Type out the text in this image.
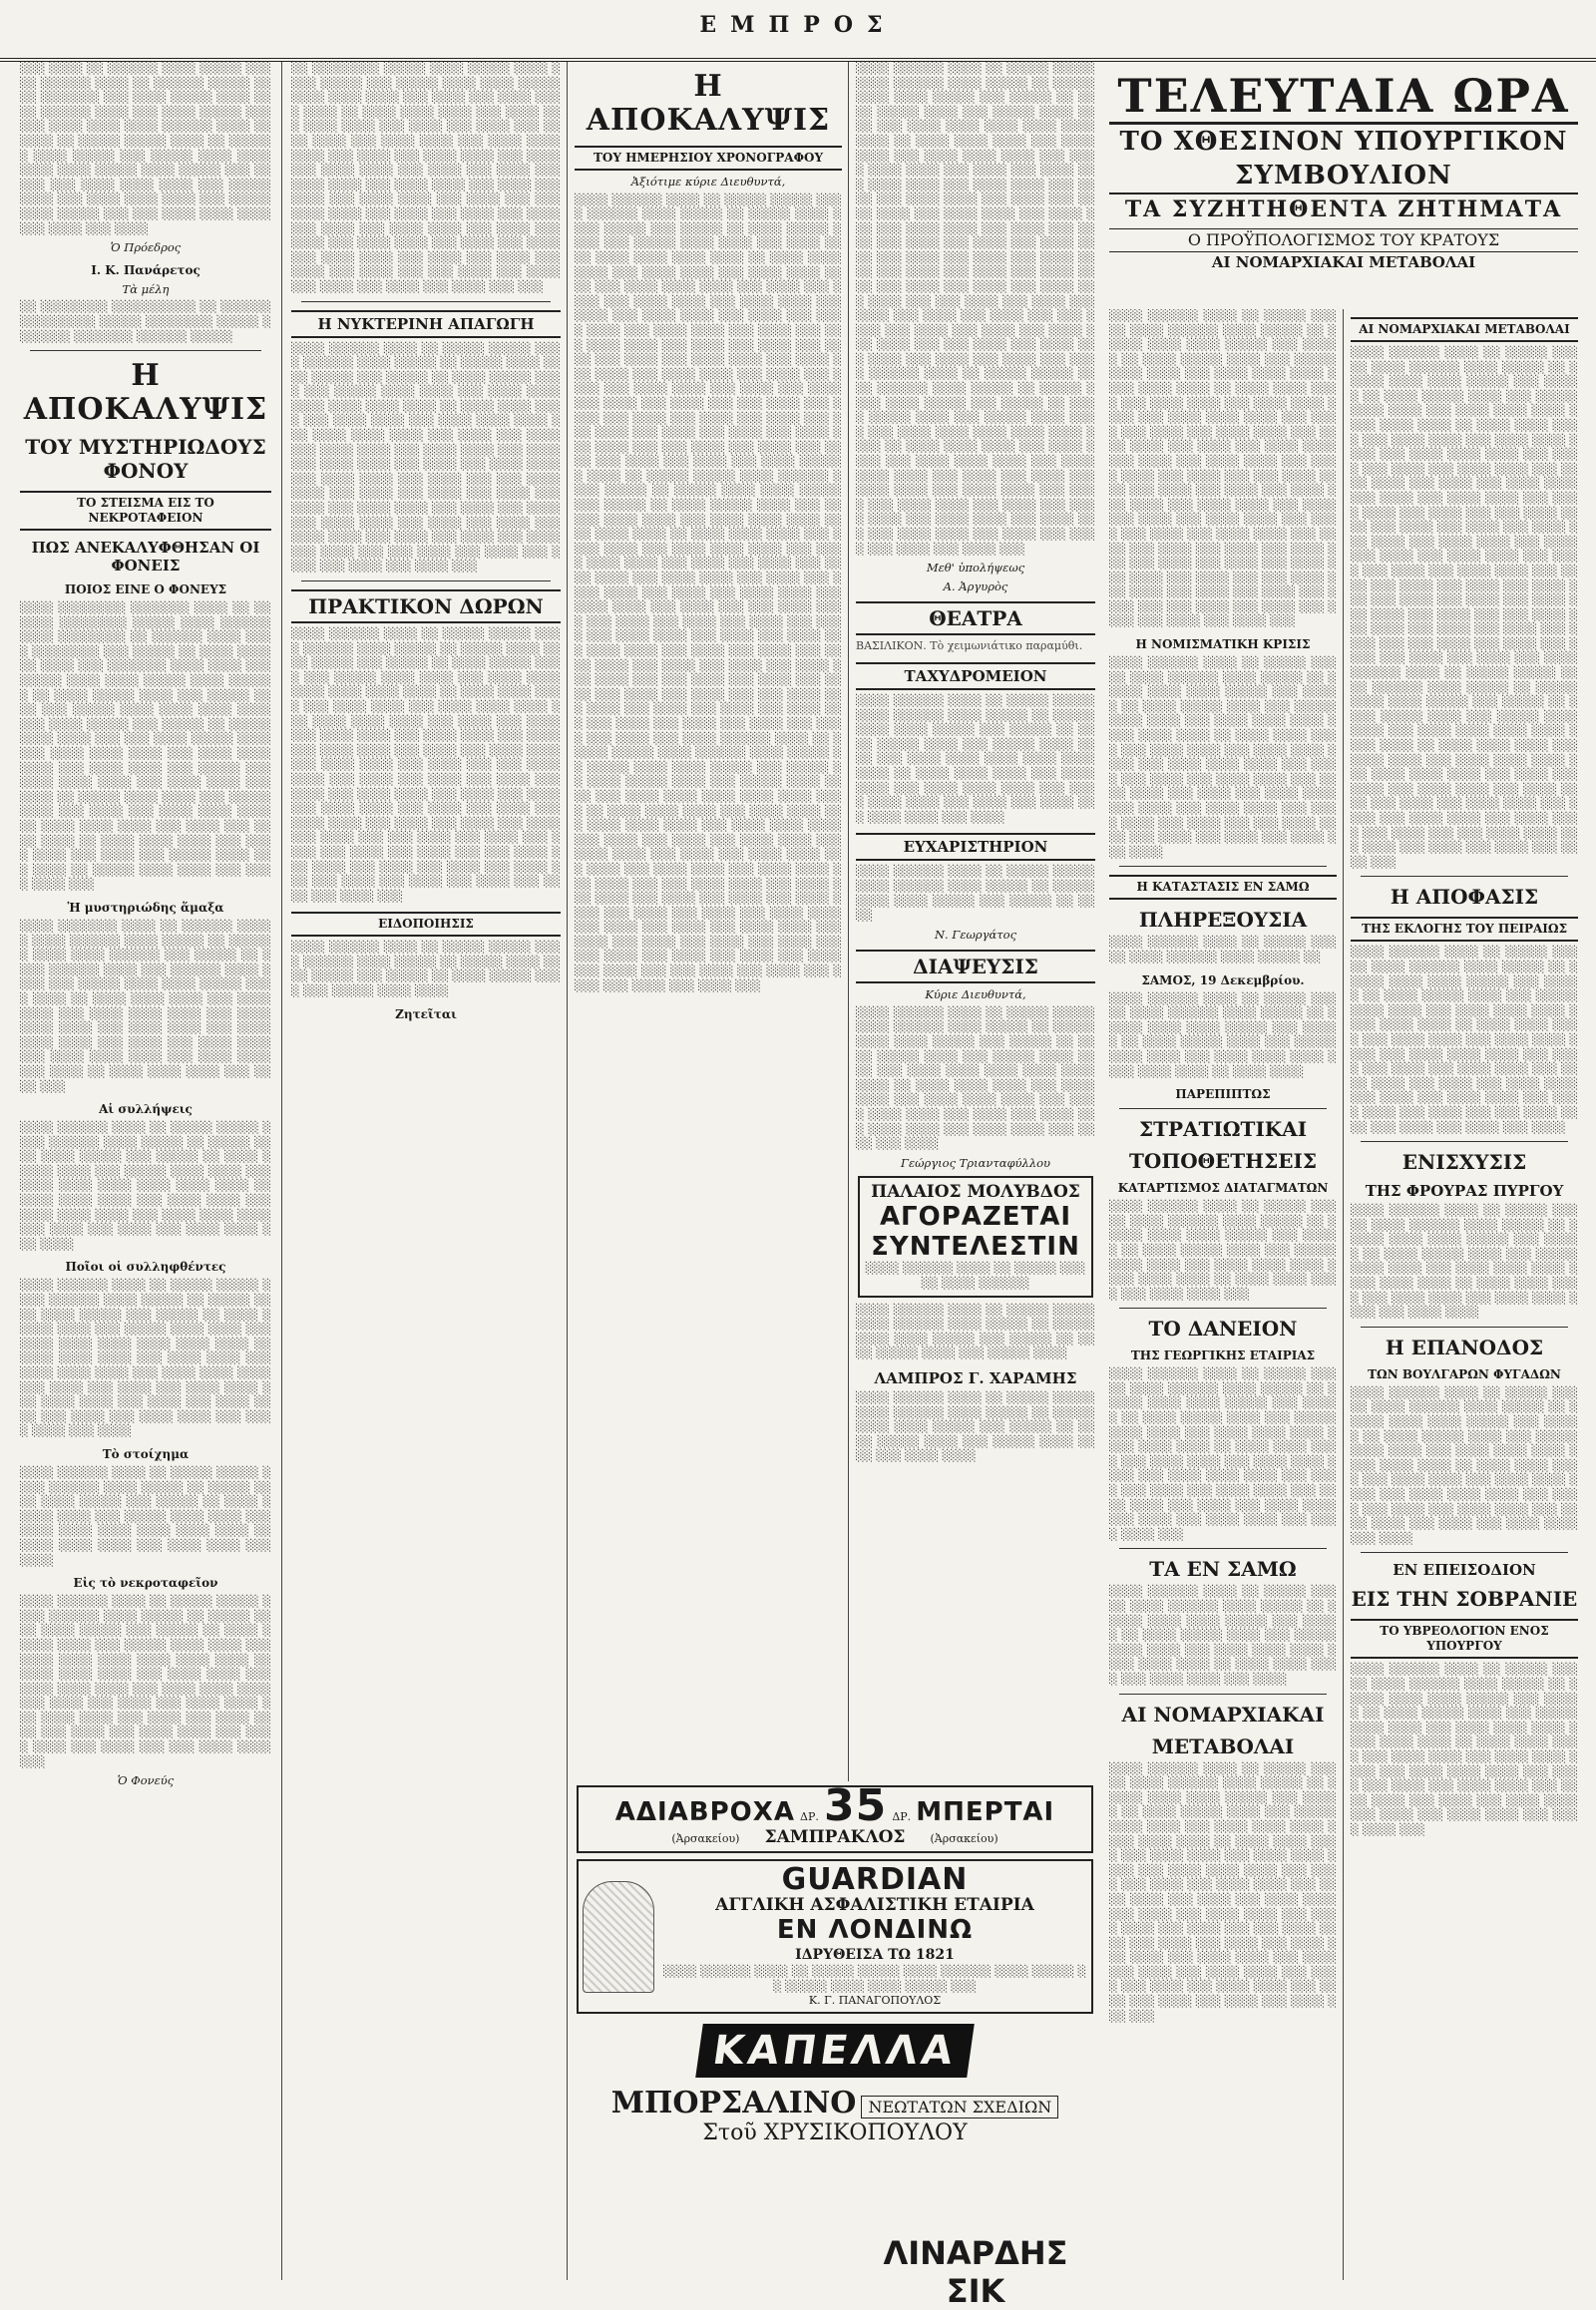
ΕΜΠΡΟΣ
░░░ ░░░░ ░░ ░░░░░░ ░░░░ ░░░░░ ░░░░░ ░░░░░░ ░░░░ ░░ ░░░░░░ ░░░░░ ░░░░ ░░░░░░░ ░░░ ░░░░ ░░░░░ ░░░░ ░░░░ ░░░░░░ ░░░░ ░░░ ░░░░ ░░░░░ ░░░░░░ ░░░░ ░░░░ ░░░░ ░░░░░░ ░░░░ ░░░░░░ ░░ ░░░░░ ░░░░░ ░░░░ ░░ ░░░░░░ ░░░░ ░░░░░ ░░░ ░░░░░ ░░░░ ░░░░ ░░░░ ░░░░ ░░░░░ ░░░░ ░░░░░ ░░░ ░░░░░ ░░░ ░░░░ ░░░░ ░░░░ ░░░ ░░░░░ ░░░░ ░░░ ░░░░ ░░░░ ░░░░ ░░░ ░░░░░ ░░░░ ░░░░░ ░░░ ░░░ ░░░░ ░░░░ ░░░░ ░░░ ░░░░ ░░░ ░░░░
Ὁ Πρόεδρος
Ι. Κ. Πανάρετος
Τὰ μέλη
░░ ░░░░░░░░ ░░░░░░░░░░ ░░ ░░░░░░ ░░░░░░░░░ ░░░░░ ░░░░░░░░ ░░░░░ ░░░░░░░ ░░░░░░░ ░░░░░░ ░░░░░
Η ΑΠΟΚΑΛΥΨΙΣ
ΤΟΥ ΜΥΣΤΗΡΙΩΔΟΥΣ ΦΟΝΟΥ
ΤΟ ΣΤΕΙΣΜΑ ΕΙΣ ΤΟ ΝΕΚΡΟΤΑΦΕΙΟΝ
ΠΩΣ ΑΝΕΚΑΛΥΦΘΗΣΑΝ ΟΙ ΦΟΝΕΙΣ
ΠΟΙΟΣ ΕΙΝΕ Ο ΦΟΝΕΥΣ
░░░░ ░░░░░░░░ ░░░░░░░ ░░░░ ░░ ░░░░░░ ░░░░░░░░ ░░░░░ ░░░░ ░░░░░░ ░░░░ ░░░░░░░░ ░░ ░░░░░░ ░░░░ ░░░░ ░░░░░░░░ ░░░ ░░░░░ ░░ ░░░░ ░░░░░░ ░░░░ ░░░ ░░░░░░░ ░░░░ ░░░░ ░░░ ░░░░░ ░░░░ ░░░░ ░░░░░ ░░░░ ░░░░░░ ░░ ░░░░ ░░░░░ ░░░░ ░░░ ░░░░░ ░░░░ ░░░ ░░░░░ ░░░░ ░░░░ ░░░░ ░░░░ ░░░ ░░░░ ░░░░░ ░░░ ░░░░░ ░░ ░░░░░ ░░░░ ░░░░ ░░░ ░░░ ░░░░ ░░░░░ ░░░░ ░░░ ░░░░ ░░░░ ░░░░ ░░░ ░░░░ ░░░░ ░░░░ ░░░ ░░░░ ░░░░ ░░░ ░░░░░ ░░░ ░░░░ ░░░░ ░░░░ ░░░ ░░░░ ░░░░ ░░░ ░░░░ ░░ ░░░░░ ░░░░ ░░░░ ░░░ ░░░░░ ░░░░ ░░░ ░░░░ ░░░ ░░░░ ░░░░ ░░░░ ░░ ░░░░ ░░░░ ░░░░ ░░░ ░░░░ ░░░ ░░░░ ░░░░ ░░ ░░░░ ░░░░ ░░░░ ░░░ ░░░░ ░░░░ ░░░ ░░░░ ░░░ ░░░░░ ░░░░ ░░░ ░░░░ ░░ ░░░░░ ░░░░ ░░░░ ░░░ ░░░░ ░░░░ ░░░
Ἡ μυστηριώδης ἅμαξα
░░░░ ░░░░░░░ ░░░░ ░░ ░░░░░░ ░░░░░ ░░░░ ░░░░░░ ░░░░ ░░░░░ ░░ ░░░░░░ ░░░░ ░░░░ ░░░░░░ ░░░ ░░░░░ ░░ ░░░░ ░░░░░░ ░░░░ ░░░ ░░░░░░ ░░░░ ░░░░ ░░░ ░░░░░ ░░░░ ░░░░ ░░░░░ ░░░░ ░░░░ ░░ ░░░░ ░░░░ ░░░░ ░░░ ░░░░ ░░░░ ░░░ ░░░░ ░░░░ ░░░░ ░░░ ░░░░ ░░░░ ░░░░ ░░░ ░░░░ ░░░░ ░░░ ░░░░ ░░░░ ░░░░ ░░░ ░░░░ ░░░ ░░░░ ░░░░ ░░░ ░░░░ ░░░░ ░░░░ ░░░ ░░░░ ░░░░ ░░░ ░░░░ ░░ ░░░░ ░░░░ ░░░░ ░░░ ░░░░ ░░░
Αἱ συλλήψεις
░░░░ ░░░░░░ ░░░░ ░░ ░░░░░ ░░░░░ ░░░░ ░░░░░░ ░░░░ ░░░░░ ░░ ░░░░░ ░░░░ ░░░░ ░░░░░ ░░░ ░░░░░ ░░ ░░░░ ░░░░░ ░░░░ ░░░ ░░░░░ ░░░░ ░░░░ ░░░ ░░░░ ░░░░ ░░░░ ░░░░ ░░░░ ░░░░ ░░ ░░░░ ░░░░ ░░░░ ░░░ ░░░░ ░░░░ ░░░ ░░░░ ░░░░ ░░░░ ░░░ ░░░░ ░░░░ ░░░░ ░░░ ░░░░ ░░░ ░░░░ ░░░ ░░░░ ░░░░ ░░░ ░░░░
Ποῖοι οἱ συλληφθέντες
░░░░ ░░░░░░ ░░░░ ░░ ░░░░░ ░░░░░ ░░░░ ░░░░░░ ░░░░ ░░░░░ ░░ ░░░░░ ░░░░ ░░░░ ░░░░░ ░░░ ░░░░░ ░░ ░░░░ ░░░░░ ░░░░ ░░░ ░░░░░ ░░░░ ░░░░ ░░░ ░░░░ ░░░░ ░░░░ ░░░░ ░░░░ ░░░░ ░░ ░░░░ ░░░░ ░░░░ ░░░ ░░░░ ░░░░ ░░░ ░░░░ ░░░░ ░░░░ ░░░ ░░░░ ░░░░ ░░░░ ░░░ ░░░░ ░░░ ░░░░ ░░░ ░░░░ ░░░░ ░░░ ░░░░ ░░░░ ░░░ ░░░░ ░░░ ░░░░ ░░░░ ░░░ ░░░░ ░░░ ░░░░ ░░░░ ░░░ ░░░░ ░░░░ ░░░ ░░░░
Τὸ στοίχημα
░░░░ ░░░░░░ ░░░░ ░░ ░░░░░ ░░░░░ ░░░░ ░░░░░░ ░░░░ ░░░░░ ░░ ░░░░░ ░░░░ ░░░░ ░░░░░ ░░░ ░░░░░ ░░ ░░░░ ░░░░░ ░░░░ ░░░ ░░░░░ ░░░░ ░░░░ ░░░ ░░░░ ░░░░ ░░░░ ░░░░ ░░░░ ░░░░ ░░ ░░░░ ░░░░ ░░░░ ░░░ ░░░░ ░░░░ ░░░ ░░░░
Εἰς τὸ νεκροταφεῖον
░░░░ ░░░░░░ ░░░░ ░░ ░░░░░ ░░░░░ ░░░░ ░░░░░░ ░░░░ ░░░░░ ░░ ░░░░░ ░░░░ ░░░░ ░░░░░ ░░░ ░░░░░ ░░ ░░░░ ░░░░░ ░░░░ ░░░ ░░░░░ ░░░░ ░░░░ ░░░ ░░░░ ░░░░ ░░░░ ░░░░ ░░░░ ░░░░ ░░ ░░░░ ░░░░ ░░░░ ░░░ ░░░░ ░░░░ ░░░ ░░░░ ░░░░ ░░░░ ░░░ ░░░░ ░░░░ ░░░░ ░░░ ░░░░ ░░░ ░░░░ ░░░ ░░░░ ░░░░ ░░░ ░░░░ ░░░░ ░░░ ░░░░ ░░░ ░░░░ ░░░░ ░░░ ░░░░ ░░░ ░░░░ ░░░░ ░░░ ░░░░ ░░░░ ░░░ ░░░░ ░░░ ░░░ ░░░░ ░░░░ ░░░
Ὁ Φονεύς
░░ ░░░░░░░░ ░░░░░ ░░░░ ░░░░░ ░░░░ ░░░░ ░░░░░ ░░░ ░░░░░ ░░░░ ░░░░ ░░░░░ ░░░░ ░░░░ ░░░░ ░░░ ░░░░ ░░░ ░░░░ ░░░░ ░░░░ ░░ ░░░░ ░░░░ ░░░░ ░░░ ░░░░ ░░░ ░░░░ ░░░░ ░░░ ░░░░ ░░░ ░░░░ ░░░ ░░░░ ░░░░ ░░░ ░░░░ ░░░░ ░░░ ░░░░ ░░░░ ░░░░ ░░░ ░░░░ ░░░ ░░░░ ░░░░ ░░░ ░░░░ ░░░ ░░░░ ░░░░ ░░░ ░░░░ ░░░ ░░░░ ░░░ ░░░░ ░░░░ ░░░ ░░░░ ░░░░ ░░░ ░░░░ ░░░ ░░░░ ░░░ ░░░░ ░░░░ ░░░ ░░░░ ░░░ ░░░ ░░░░ ░░░░ ░░░ ░░░░ ░░░ ░░░░ ░░░ ░░░░ ░░░ ░░░░ ░░░ ░░░░ ░░░░ ░░░ ░░░░ ░░░ ░░░░ ░░░ ░░░░ ░░░░ ░░░ ░░░░ ░░░ ░░░░ ░░░ ░░░░ ░░░░ ░░░ ░░░░ ░░░ ░░░░ ░░░ ░░░░ ░░░ ░░░░ ░░░ ░░░ ░░░░ ░░░ ░░░░ ░░░ ░░░░ ░░░ ░░░░ ░░░ ░░░░ ░░░ ░░░
Η ΝΥΚΤΕΡΙΝΗ ΑΠΑΓΩΓΗ
░░░░ ░░░░░░ ░░░░ ░░ ░░░░░ ░░░░░ ░░░░ ░░░░░░ ░░░░ ░░░░░ ░░ ░░░░░ ░░░░ ░░░░ ░░░░░ ░░░ ░░░░░ ░░ ░░░░ ░░░░░ ░░░░ ░░░ ░░░░░ ░░░░ ░░░░ ░░░ ░░░░ ░░░░ ░░░░ ░░░░ ░░░░ ░░░░ ░░ ░░░░ ░░░░ ░░░░ ░░░ ░░░░ ░░░░ ░░░ ░░░░ ░░░░ ░░░░ ░░░ ░░░░ ░░░░ ░░░░ ░░░ ░░░░ ░░░ ░░░░ ░░░ ░░░░ ░░░░ ░░░ ░░░░ ░░░░ ░░░ ░░░░ ░░░ ░░░░ ░░░░ ░░░ ░░░░ ░░░ ░░░░ ░░░░ ░░░ ░░░░ ░░░░ ░░░ ░░░░ ░░░ ░░░ ░░░░ ░░░░ ░░░ ░░░░ ░░░ ░░░░ ░░░ ░░░░ ░░░ ░░░░ ░░░ ░░░░ ░░░░ ░░░ ░░░░ ░░░ ░░░░ ░░░ ░░░░ ░░░░ ░░░ ░░░░ ░░░ ░░░░ ░░░ ░░░░ ░░░░ ░░░ ░░░░ ░░░ ░░░░ ░░░ ░░░░ ░░░ ░░░░ ░░░ ░░░ ░░░░ ░░░ ░░░░ ░░░ ░░░░ ░░░ ░░░░ ░░░ ░░░░ ░░░
ΠΡΑΚΤΙΚΟΝ ΔΩΡΩΝ
░░░░ ░░░░░░ ░░░░ ░░ ░░░░░ ░░░░░ ░░░░ ░░░░░░ ░░░░ ░░░░░ ░░ ░░░░░ ░░░░ ░░░░ ░░░░░ ░░░ ░░░░░ ░░ ░░░░ ░░░░░ ░░░░ ░░░ ░░░░░ ░░░░ ░░░░ ░░░ ░░░░ ░░░░ ░░░░ ░░░░ ░░░░ ░░░░ ░░ ░░░░ ░░░░ ░░░░ ░░░ ░░░░ ░░░░ ░░░ ░░░░ ░░░░ ░░░░ ░░░ ░░░░ ░░░░ ░░░░ ░░░ ░░░░ ░░░ ░░░░ ░░░ ░░░░ ░░░░ ░░░ ░░░░ ░░░░ ░░░ ░░░░ ░░░ ░░░░ ░░░░ ░░░ ░░░░ ░░░ ░░░░ ░░░░ ░░░ ░░░░ ░░░░ ░░░ ░░░░ ░░░ ░░░ ░░░░ ░░░░ ░░░ ░░░░ ░░░ ░░░░ ░░░ ░░░░ ░░░ ░░░░ ░░░ ░░░░ ░░░░ ░░░ ░░░░ ░░░ ░░░░ ░░░ ░░░░ ░░░░ ░░░ ░░░░ ░░░ ░░░░ ░░░ ░░░░ ░░░░ ░░░ ░░░░ ░░░ ░░░░ ░░░ ░░░░ ░░░ ░░░░ ░░░ ░░░ ░░░░ ░░░ ░░░░ ░░░ ░░░░ ░░░ ░░░░ ░░░ ░░░░ ░░░ ░░░ ░░░░ ░░░ ░░░░ ░░░ ░░░░ ░░░ ░░░░ ░░░ ░░░░ ░░░ ░░░ ░░░░ ░░░ ░░░░ ░░░ ░░░░ ░░░ ░░░░ ░░░ ░░░░ ░░░
ΕΙΔΟΠΟΙΗΣΙΣ
░░░░ ░░░░░░ ░░░░ ░░ ░░░░░ ░░░░░ ░░░░ ░░░░░░ ░░░░ ░░░░░ ░░ ░░░░░ ░░░░ ░░░░ ░░░░░ ░░░ ░░░░░ ░░ ░░░░ ░░░░░ ░░░░ ░░░ ░░░░░ ░░░░ ░░░░
Ζητεῖται
Η ΑΠΟΚΑΛΥΨΙΣ
ΤΟΥ ΗΜΕΡΗΣΙΟΥ ΧΡΟΝΟΓΡΑΦΟΥ
Ἀξιότιμε κύριε Διευθυντά,
░░░░ ░░░░░░ ░░░░ ░░ ░░░░░ ░░░░░ ░░░░ ░░░░░░ ░░░░ ░░░░░ ░░ ░░░░░ ░░░░ ░░░░ ░░░░░ ░░░ ░░░░░ ░░ ░░░░ ░░░░░ ░░░░ ░░░ ░░░░░ ░░░░ ░░░░ ░░░ ░░░░ ░░░░ ░░░░ ░░░░ ░░░░ ░░░░ ░░ ░░░░ ░░░░ ░░░░ ░░░ ░░░░ ░░░░ ░░░ ░░░░ ░░░░ ░░░░ ░░░ ░░░░ ░░░░ ░░░░ ░░░ ░░░░ ░░░ ░░░░ ░░░ ░░░░ ░░░░ ░░░ ░░░░ ░░░░ ░░░ ░░░░ ░░░ ░░░░ ░░░░ ░░░ ░░░░ ░░░ ░░░░ ░░░░ ░░░ ░░░░ ░░░░ ░░░ ░░░░ ░░░ ░░░ ░░░░ ░░░░ ░░░ ░░░░ ░░░ ░░░░ ░░░ ░░░░ ░░░ ░░░░ ░░░ ░░░░ ░░░░ ░░░ ░░░░ ░░░ ░░░░ ░░░ ░░░░ ░░░░ ░░░ ░░░░ ░░░ ░░░░ ░░░ ░░░░ ░░░░ ░░░ ░░░░ ░░░ ░░░░ ░░░ ░░░░ ░░░ ░░░░ ░░░ ░░░ ░░░░ ░░░ ░░░░ ░░░ ░░░░ ░░░ ░░░░ ░░░ ░░░░ ░░░ ░░░ ░░░░ ░░░ ░░░░ ░░░ ░░░░ ░░░ ░░░░ ░░░ ░░░░ ░░░ ░░░ ░░░░ ░░░ ░░░░ ░░░ ░░░░ ░░░ ░░░░ ░░░ ░░░░ ░░░ ░░░░ ░░░░░░ ░░░░ ░░ ░░░░░ ░░░░░ ░░░░ ░░░░░░ ░░░░ ░░░░░ ░░ ░░░░░ ░░░░ ░░░░ ░░░░░ ░░░ ░░░░░ ░░ ░░░░ ░░░░░ ░░░░ ░░░ ░░░░░ ░░░░ ░░░░ ░░░ ░░░░ ░░░░ ░░░░ ░░░░ ░░░░ ░░░░ ░░ ░░░░ ░░░░ ░░░░ ░░░ ░░░░ ░░░░ ░░░ ░░░░ ░░░░ ░░░░ ░░░ ░░░░ ░░░░ ░░░░ ░░░ ░░░░ ░░░ ░░░░ ░░░ ░░░░ ░░░░ ░░░ ░░░░ ░░░░ ░░░ ░░░░ ░░░ ░░░░ ░░░░ ░░░ ░░░░ ░░░ ░░░░ ░░░░ ░░░ ░░░░ ░░░░ ░░░ ░░░░ ░░░ ░░░ ░░░░ ░░░░ ░░░ ░░░░ ░░░ ░░░░ ░░░ ░░░░ ░░░ ░░░░ ░░░ ░░░░ ░░░░ ░░░ ░░░░ ░░░ ░░░░ ░░░ ░░░░ ░░░░ ░░░ ░░░░ ░░░ ░░░░ ░░░ ░░░░ ░░░░ ░░░ ░░░░ ░░░ ░░░░ ░░░ ░░░░ ░░░ ░░░░ ░░░ ░░░ ░░░░ ░░░ ░░░░ ░░░ ░░░░ ░░░ ░░░░ ░░░ ░░░░ ░░░ ░░░ ░░░░ ░░░ ░░░░ ░░░ ░░░░ ░░░ ░░░░ ░░░ ░░░░ ░░░ ░░░ ░░░░ ░░░ ░░░░ ░░░ ░░░░ ░░░ ░░░░ ░░░ ░░░░ ░░░ ░░░░ ░░░░░░ ░░░░ ░░ ░░░░░ ░░░░░ ░░░░ ░░░░░░ ░░░░ ░░░░░ ░░ ░░░░░ ░░░░ ░░░░ ░░░░░ ░░░ ░░░░░ ░░ ░░░░ ░░░░░ ░░░░ ░░░ ░░░░░ ░░░░ ░░░░ ░░░ ░░░░ ░░░░ ░░░░ ░░░░ ░░░░ ░░░░ ░░ ░░░░ ░░░░ ░░░░ ░░░ ░░░░ ░░░░ ░░░ ░░░░ ░░░░ ░░░░ ░░░ ░░░░ ░░░░ ░░░░ ░░░ ░░░░ ░░░ ░░░░ ░░░ ░░░░ ░░░░ ░░░ ░░░░ ░░░░ ░░░ ░░░░ ░░░ ░░░░ ░░░░ ░░░ ░░░░ ░░░ ░░░░ ░░░░ ░░░ ░░░░ ░░░░ ░░░ ░░░░ ░░░ ░░░ ░░░░ ░░░░ ░░░ ░░░░ ░░░ ░░░░ ░░░ ░░░░ ░░░ ░░░░ ░░░ ░░░░ ░░░░ ░░░ ░░░░ ░░░ ░░░░ ░░░ ░░░░ ░░░░ ░░░ ░░░░ ░░░ ░░░░ ░░░ ░░░░ ░░░░ ░░░ ░░░░ ░░░ ░░░░ ░░░ ░░░░ ░░░ ░░░░ ░░░ ░░░ ░░░░ ░░░ ░░░░ ░░░ ░░░░ ░░░ ░░░░ ░░░ ░░░░ ░░░ ░░░ ░░░░ ░░░ ░░░░ ░░░ ░░░░ ░░░ ░░░░ ░░░ ░░░░ ░░░
░░░░ ░░░░░░ ░░░░ ░░ ░░░░░ ░░░░░ ░░░░ ░░░░░░ ░░░░ ░░░░░ ░░ ░░░░░ ░░░░ ░░░░ ░░░░░ ░░░ ░░░░░ ░░ ░░░░ ░░░░░ ░░░░ ░░░ ░░░░░ ░░░░ ░░░░ ░░░ ░░░░ ░░░░ ░░░░ ░░░░ ░░░░ ░░░░ ░░ ░░░░ ░░░░ ░░░░ ░░░ ░░░░ ░░░░ ░░░ ░░░░ ░░░░ ░░░░ ░░░ ░░░░ ░░░░ ░░░░ ░░░ ░░░░ ░░░ ░░░░ ░░░ ░░░░ ░░░░ ░░░ ░░░░ ░░░░ ░░░ ░░░░ ░░░ ░░░░ ░░░░ ░░░ ░░░░ ░░░ ░░░░ ░░░░ ░░░ ░░░░ ░░░░ ░░░ ░░░░ ░░░ ░░░ ░░░░ ░░░░ ░░░ ░░░░ ░░░ ░░░░ ░░░ ░░░░ ░░░ ░░░░ ░░░ ░░░░ ░░░░ ░░░ ░░░░ ░░░ ░░░░ ░░░ ░░░░ ░░░░ ░░░ ░░░░ ░░░ ░░░░ ░░░ ░░░░ ░░░░ ░░░ ░░░░ ░░░ ░░░░ ░░░ ░░░░ ░░░ ░░░░ ░░░ ░░░ ░░░░ ░░░ ░░░░ ░░░ ░░░░ ░░░ ░░░░ ░░░ ░░░░ ░░░ ░░░ ░░░░ ░░░ ░░░░ ░░░ ░░░░ ░░░ ░░░░ ░░░ ░░░░ ░░░ ░░░ ░░░░ ░░░ ░░░░ ░░░ ░░░░ ░░░ ░░░░ ░░░ ░░░░ ░░░ ░░░░ ░░░░░░ ░░░░ ░░ ░░░░░ ░░░░░ ░░░░ ░░░░░░ ░░░░ ░░░░░ ░░ ░░░░░ ░░░░ ░░░░ ░░░░░ ░░░ ░░░░░ ░░ ░░░░ ░░░░░ ░░░░ ░░░ ░░░░░ ░░░░ ░░░░ ░░░ ░░░░ ░░░░ ░░░░ ░░░░ ░░░░ ░░░░ ░░ ░░░░ ░░░░ ░░░░ ░░░ ░░░░ ░░░░ ░░░ ░░░░ ░░░░ ░░░░ ░░░ ░░░░ ░░░░ ░░░░ ░░░ ░░░░ ░░░ ░░░░ ░░░ ░░░░ ░░░░ ░░░ ░░░░ ░░░░ ░░░ ░░░░ ░░░ ░░░░ ░░░░ ░░░ ░░░░ ░░░ ░░░░ ░░░░ ░░░ ░░░░ ░░░░ ░░░ ░░░░ ░░░ ░░░ ░░░░ ░░░░ ░░░ ░░░░ ░░░ ░░░░ ░░░ ░░░░ ░░░ ░░░░ ░░░
Μεθ' ὑπολήψεως
Α. Ἀργυρὸς
ΘΕΑΤΡΑ
ΒΑΣΙΛΙΚΟΝ. Τὸ χειμωνιάτικο παραμύθι.
ΤΑΧΥΔΡΟΜΕΙΟΝ
░░░░ ░░░░░░ ░░░░ ░░ ░░░░░ ░░░░░ ░░░░ ░░░░░░ ░░░░ ░░░░░ ░░ ░░░░░ ░░░░ ░░░░ ░░░░░ ░░░ ░░░░░ ░░ ░░░░ ░░░░░ ░░░░ ░░░ ░░░░░ ░░░░ ░░░░ ░░░ ░░░░ ░░░░ ░░░░ ░░░░ ░░░░ ░░░░ ░░ ░░░░ ░░░░ ░░░░ ░░░ ░░░░ ░░░░ ░░░ ░░░░ ░░░░ ░░░░ ░░░ ░░░░ ░░░░ ░░░░ ░░░ ░░░░ ░░░ ░░░░ ░░░ ░░░░ ░░░░ ░░░ ░░░░
ΕΥΧΑΡΙΣΤΗΡΙΟΝ
░░░░ ░░░░░░ ░░░░ ░░ ░░░░░ ░░░░░ ░░░░ ░░░░░░ ░░░░ ░░░░░ ░░ ░░░░░ ░░░░ ░░░░ ░░░░░ ░░░ ░░░░░ ░░ ░░░░
Ν. Γεωργάτος
ΔΙΑΨΕΥΣΙΣ
Κύριε Διευθυντά,
░░░░ ░░░░░░ ░░░░ ░░ ░░░░░ ░░░░░ ░░░░ ░░░░░░ ░░░░ ░░░░░ ░░ ░░░░░ ░░░░ ░░░░ ░░░░░ ░░░ ░░░░░ ░░ ░░░░ ░░░░░ ░░░░ ░░░ ░░░░░ ░░░░ ░░░░ ░░░ ░░░░ ░░░░ ░░░░ ░░░░ ░░░░ ░░░░ ░░ ░░░░ ░░░░ ░░░░ ░░░ ░░░░ ░░░░ ░░░ ░░░░ ░░░░ ░░░░ ░░░ ░░░░ ░░░░ ░░░░ ░░░ ░░░░ ░░░ ░░░░ ░░░ ░░░░ ░░░░ ░░░ ░░░░ ░░░░ ░░░ ░░░░ ░░░ ░░░░
Γεώργιος Τριανταφύλλου
ΠΑΛΑΙΟΣ ΜΟΛΥΒΔΟΣ
ΑΓΟΡΑΖΕΤΑΙ
ΣΥΝΤΕΛΕΣΤΙΝ
░░░░ ░░░░░░ ░░░░ ░░ ░░░░░ ░░░░░ ░░░░ ░░░░░░
░░░░ ░░░░░░ ░░░░ ░░ ░░░░░ ░░░░░ ░░░░ ░░░░░░ ░░░░ ░░░░░ ░░ ░░░░░ ░░░░ ░░░░ ░░░░░ ░░░ ░░░░░ ░░ ░░░░ ░░░░░ ░░░░ ░░░ ░░░░░ ░░░░
ΛΑΜΠΡΟΣ Γ. ΧΑΡΑΜΗΣ
░░░░ ░░░░░░ ░░░░ ░░ ░░░░░ ░░░░░ ░░░░ ░░░░░░ ░░░░ ░░░░░ ░░ ░░░░░ ░░░░ ░░░░ ░░░░░ ░░░ ░░░░░ ░░ ░░░░ ░░░░░ ░░░░ ░░░ ░░░░░ ░░░░ ░░░░ ░░░ ░░░░ ░░░░
ΑΔΙΑΒΡΟΧΑ ΔΡ. 35 ΔΡ. ΜΠΕΡΤΑΙ
(Ἀρσακείου) ΣΑΜΠΡΑΚΛΟΣ (Ἀρσακείου)
GUARDIAN
ΑΓΓΛΙΚΗ ΑΣΦΑΛΙΣΤΙΚΗ ΕΤΑΙΡΙΑ
ΕΝ ΛΟΝΔΙΝΩ
ΙΔΡΥΘΕΙΣΑ ΤΩ 1821
░░░░ ░░░░░░ ░░░░ ░░ ░░░░░ ░░░░░ ░░░░ ░░░░░░ ░░░░ ░░░░░ ░░ ░░░░░ ░░░░ ░░░░ ░░░░░ ░░░
Κ. Γ. ΠΑΝΑΓΟΠΟΥΛΟΣ
ΚΑΠΕΛΛΑ
ΜΠΟΡΣΑΛΙΝΟ ΝΕΩΤΑΤΩΝ ΣΧΕΔΙΩΝ
Στοῦ ΧΡΥΣΙΚΟΠΟΥΛΟΥ
ΛΙΝΑΡΔΗΣ ΣΙΚ
ΤΕΛΕΥΤΑΙΑ ΩΡΑ
ΤΟ ΧΘΕΣΙΝΟΝ ΥΠΟΥΡΓΙΚΟΝ ΣΥΜΒΟΥΛΙΟΝ
ΤΑ ΣΥΖΗΤΗΘΕΝΤΑ ΖΗΤΗΜΑΤΑ
Ο ΠΡΟΫΠΟΛΟΓΙΣΜΟΣ ΤΟΥ ΚΡΑΤΟΥΣ
ΑΙ ΝΟΜΑΡΧΙΑΚΑΙ ΜΕΤΑΒΟΛΑΙ
░░░░ ░░░░░░ ░░░░ ░░ ░░░░░ ░░░░░ ░░░░ ░░░░░░ ░░░░ ░░░░░ ░░ ░░░░░ ░░░░ ░░░░ ░░░░░ ░░░ ░░░░░ ░░ ░░░░ ░░░░░ ░░░░ ░░░ ░░░░░ ░░░░ ░░░░ ░░░ ░░░░ ░░░░ ░░░░ ░░░░ ░░░░ ░░░░ ░░ ░░░░ ░░░░ ░░░░ ░░░ ░░░░ ░░░░ ░░░ ░░░░ ░░░░ ░░░░ ░░░ ░░░░ ░░░░ ░░░░ ░░░ ░░░░ ░░░ ░░░░ ░░░ ░░░░ ░░░░ ░░░ ░░░░ ░░░░ ░░░ ░░░░ ░░░ ░░░░ ░░░░ ░░░ ░░░░ ░░░ ░░░░ ░░░░ ░░░ ░░░░ ░░░░ ░░░ ░░░░ ░░░ ░░░ ░░░░ ░░░░ ░░░ ░░░░ ░░░ ░░░░ ░░░ ░░░░ ░░░ ░░░░ ░░░ ░░░░ ░░░░ ░░░ ░░░░ ░░░ ░░░░ ░░░ ░░░░ ░░░░ ░░░ ░░░░ ░░░ ░░░░ ░░░ ░░░░ ░░░░ ░░░ ░░░░ ░░░ ░░░░ ░░░ ░░░░ ░░░ ░░░░ ░░░ ░░░ ░░░░ ░░░ ░░░░ ░░░ ░░░░ ░░░ ░░░░ ░░░ ░░░░ ░░░ ░░░ ░░░░ ░░░ ░░░░ ░░░ ░░░░ ░░░ ░░░░ ░░░ ░░░░ ░░░ ░░░ ░░░░ ░░░ ░░░░ ░░░ ░░░░ ░░░ ░░░░ ░░░ ░░░░ ░░░
Η ΝΟΜΙΣΜΑΤΙΚΗ ΚΡΙΣΙΣ
░░░░ ░░░░░░ ░░░░ ░░ ░░░░░ ░░░░░ ░░░░ ░░░░░░ ░░░░ ░░░░░ ░░ ░░░░░ ░░░░ ░░░░ ░░░░░ ░░░ ░░░░░ ░░ ░░░░ ░░░░░ ░░░░ ░░░ ░░░░░ ░░░░ ░░░░ ░░░ ░░░░ ░░░░ ░░░░ ░░░░ ░░░░ ░░░░ ░░ ░░░░ ░░░░ ░░░░ ░░░ ░░░░ ░░░░ ░░░ ░░░░ ░░░░ ░░░░ ░░░ ░░░░ ░░░░ ░░░░ ░░░ ░░░░ ░░░ ░░░░ ░░░ ░░░░ ░░░░ ░░░ ░░░░ ░░░░ ░░░ ░░░░ ░░░ ░░░░ ░░░░ ░░░ ░░░░ ░░░ ░░░░ ░░░░ ░░░ ░░░░ ░░░░ ░░░ ░░░░ ░░░ ░░░ ░░░░ ░░░░ ░░░ ░░░░ ░░░ ░░░░ ░░░ ░░░░ ░░░ ░░░░
Η ΚΑΤΑΣΤΑΣΙΣ ΕΝ ΣΑΜΩ
ΠΛΗΡΕΞΟΥΣΙΑ
░░░░ ░░░░░░ ░░░░ ░░ ░░░░░ ░░░░░ ░░░░ ░░░░░░ ░░░░ ░░░░░ ░░
ΣΑΜΟΣ, 19 Δεκεμβρίου.
░░░░ ░░░░░░ ░░░░ ░░ ░░░░░ ░░░░░ ░░░░ ░░░░░░ ░░░░ ░░░░░ ░░ ░░░░░ ░░░░ ░░░░ ░░░░░ ░░░ ░░░░░ ░░ ░░░░ ░░░░░ ░░░░ ░░░ ░░░░░ ░░░░ ░░░░ ░░░ ░░░░ ░░░░ ░░░░ ░░░░ ░░░░ ░░░░ ░░ ░░░░ ░░░░
ΠΑΡΕΠΙΠΤΩΣ
ΣΤΡΑΤΙΩΤΙΚΑΙ
ΤΟΠΟΘΕΤΗΣΕΙΣ
ΚΑΤΑΡΤΙΣΜΟΣ ΔΙΑΤΑΓΜΑΤΩΝ
░░░░ ░░░░░░ ░░░░ ░░ ░░░░░ ░░░░░ ░░░░ ░░░░░░ ░░░░ ░░░░░ ░░ ░░░░░ ░░░░ ░░░░ ░░░░░ ░░░ ░░░░░ ░░ ░░░░ ░░░░░ ░░░░ ░░░ ░░░░░ ░░░░ ░░░░ ░░░ ░░░░ ░░░░ ░░░░ ░░░░ ░░░░ ░░░░ ░░ ░░░░ ░░░░ ░░░░ ░░░ ░░░░ ░░░░ ░░░
ΤΟ ΔΑΝΕΙΟΝ
ΤΗΣ ΓΕΩΡΓΙΚΗΣ ΕΤΑΙΡΙΑΣ
░░░░ ░░░░░░ ░░░░ ░░ ░░░░░ ░░░░░ ░░░░ ░░░░░░ ░░░░ ░░░░░ ░░ ░░░░░ ░░░░ ░░░░ ░░░░░ ░░░ ░░░░░ ░░ ░░░░ ░░░░░ ░░░░ ░░░ ░░░░░ ░░░░ ░░░░ ░░░ ░░░░ ░░░░ ░░░░ ░░░░ ░░░░ ░░░░ ░░ ░░░░ ░░░░ ░░░░ ░░░ ░░░░ ░░░░ ░░░ ░░░░ ░░░░ ░░░░ ░░░ ░░░░ ░░░░ ░░░░ ░░░ ░░░░ ░░░ ░░░░ ░░░ ░░░░ ░░░░ ░░░ ░░░░ ░░░░ ░░░ ░░░░ ░░░ ░░░░ ░░░░ ░░░ ░░░░ ░░░ ░░░░ ░░░░ ░░░ ░░░░ ░░░░ ░░░
ΤΑ ΕΝ ΣΑΜΩ
░░░░ ░░░░░░ ░░░░ ░░ ░░░░░ ░░░░░ ░░░░ ░░░░░░ ░░░░ ░░░░░ ░░ ░░░░░ ░░░░ ░░░░ ░░░░░ ░░░ ░░░░░ ░░ ░░░░ ░░░░░ ░░░░ ░░░ ░░░░░ ░░░░ ░░░░ ░░░ ░░░░ ░░░░ ░░░░ ░░░░ ░░░░ ░░░░ ░░ ░░░░ ░░░░ ░░░░ ░░░ ░░░░ ░░░░ ░░░ ░░░░
ΑΙ ΝΟΜΑΡΧΙΑΚΑΙ
ΜΕΤΑΒΟΛΑΙ
░░░░ ░░░░░░ ░░░░ ░░ ░░░░░ ░░░░░ ░░░░ ░░░░░░ ░░░░ ░░░░░ ░░ ░░░░░ ░░░░ ░░░░ ░░░░░ ░░░ ░░░░░ ░░ ░░░░ ░░░░░ ░░░░ ░░░ ░░░░░ ░░░░ ░░░░ ░░░ ░░░░ ░░░░ ░░░░ ░░░░ ░░░░ ░░░░ ░░ ░░░░ ░░░░ ░░░░ ░░░ ░░░░ ░░░░ ░░░ ░░░░ ░░░░ ░░░░ ░░░ ░░░░ ░░░░ ░░░░ ░░░ ░░░░ ░░░ ░░░░ ░░░ ░░░░ ░░░░ ░░░ ░░░░ ░░░░ ░░░ ░░░░ ░░░ ░░░░ ░░░░ ░░░ ░░░░ ░░░ ░░░░ ░░░░ ░░░ ░░░░ ░░░░ ░░░ ░░░░ ░░░ ░░░ ░░░░ ░░░░ ░░░ ░░░░ ░░░ ░░░░ ░░░ ░░░░ ░░░ ░░░░ ░░░ ░░░░ ░░░░ ░░░ ░░░░ ░░░ ░░░░ ░░░ ░░░░ ░░░░ ░░░ ░░░░ ░░░ ░░░░ ░░░ ░░░░ ░░░░ ░░░ ░░░░ ░░░ ░░░░ ░░░ ░░░░ ░░░ ░░░░ ░░░ ░░░
ΑΙ ΝΟΜΑΡΧΙΑΚΑΙ ΜΕΤΑΒΟΛΑΙ
░░░░ ░░░░░░ ░░░░ ░░ ░░░░░ ░░░░░ ░░░░ ░░░░░░ ░░░░ ░░░░░ ░░ ░░░░░ ░░░░ ░░░░ ░░░░░ ░░░ ░░░░░ ░░ ░░░░ ░░░░░ ░░░░ ░░░ ░░░░░ ░░░░ ░░░░ ░░░ ░░░░ ░░░░ ░░░░ ░░░░ ░░░░ ░░░░ ░░ ░░░░ ░░░░ ░░░░ ░░░ ░░░░ ░░░░ ░░░ ░░░░ ░░░░ ░░░░ ░░░ ░░░░ ░░░░ ░░░░ ░░░ ░░░░ ░░░ ░░░░ ░░░ ░░░░ ░░░░ ░░░ ░░░░ ░░░░ ░░░ ░░░░ ░░░ ░░░░ ░░░░ ░░░ ░░░░ ░░░ ░░░░ ░░░░ ░░░ ░░░░ ░░░░ ░░░ ░░░░ ░░░ ░░░ ░░░░ ░░░░ ░░░ ░░░░ ░░░ ░░░░ ░░░ ░░░░ ░░░ ░░░░ ░░░ ░░░░ ░░░░ ░░░ ░░░░ ░░░ ░░░░ ░░░ ░░░░ ░░░░ ░░░ ░░░░ ░░░ ░░░░ ░░░ ░░░░ ░░░░ ░░░ ░░░░ ░░░ ░░░░ ░░░ ░░░░ ░░░ ░░░░ ░░░ ░░░ ░░░░ ░░░ ░░░░ ░░░ ░░░░ ░░░ ░░░░ ░░░ ░░░░ ░░░ ░░░ ░░░░ ░░░ ░░░░ ░░░ ░░░░ ░░░ ░░░░ ░░░ ░░░░ ░░░ ░░░ ░░░░ ░░░ ░░░░ ░░░ ░░░░ ░░░ ░░░░ ░░░ ░░░░ ░░░ ░░░░ ░░░░░░ ░░░░ ░░ ░░░░░ ░░░░░ ░░░░ ░░░░░░ ░░░░ ░░░░░ ░░ ░░░░░ ░░░░ ░░░░ ░░░░░ ░░░ ░░░░░ ░░ ░░░░ ░░░░░ ░░░░ ░░░ ░░░░░ ░░░░ ░░░░ ░░░ ░░░░ ░░░░ ░░░░ ░░░░ ░░░░ ░░░░ ░░ ░░░░ ░░░░ ░░░░ ░░░ ░░░░ ░░░░ ░░░ ░░░░ ░░░░ ░░░░ ░░░ ░░░░ ░░░░ ░░░░ ░░░ ░░░░ ░░░ ░░░░ ░░░ ░░░░ ░░░░ ░░░ ░░░░ ░░░░ ░░░ ░░░░ ░░░ ░░░░ ░░░░ ░░░ ░░░░ ░░░ ░░░░ ░░░░ ░░░ ░░░░ ░░░░ ░░░ ░░░░ ░░░ ░░░ ░░░░ ░░░░ ░░░ ░░░░ ░░░ ░░░░ ░░░ ░░░░ ░░░ ░░░░ ░░░
Η ΑΠΟΦΑΣΙΣ
ΤΗΣ ΕΚΛΟΓΗΣ ΤΟΥ ΠΕΙΡΑΙΩΣ
░░░░ ░░░░░░ ░░░░ ░░ ░░░░░ ░░░░░ ░░░░ ░░░░░░ ░░░░ ░░░░░ ░░ ░░░░░ ░░░░ ░░░░ ░░░░░ ░░░ ░░░░░ ░░ ░░░░ ░░░░░ ░░░░ ░░░ ░░░░░ ░░░░ ░░░░ ░░░ ░░░░ ░░░░ ░░░░ ░░░░ ░░░░ ░░░░ ░░ ░░░░ ░░░░ ░░░░ ░░░ ░░░░ ░░░░ ░░░ ░░░░ ░░░░ ░░░░ ░░░ ░░░░ ░░░░ ░░░░ ░░░ ░░░░ ░░░ ░░░░ ░░░ ░░░░ ░░░░ ░░░ ░░░░ ░░░░ ░░░ ░░░░ ░░░ ░░░░ ░░░░ ░░░ ░░░░ ░░░ ░░░░ ░░░░ ░░░ ░░░░ ░░░░ ░░░ ░░░░ ░░░ ░░░ ░░░░ ░░░░ ░░░ ░░░░ ░░░ ░░░░ ░░░ ░░░░
ΕΝΙΣΧΥΣΙΣ
ΤΗΣ ΦΡΟΥΡΑΣ ΠΥΡΓΟΥ
░░░░ ░░░░░░ ░░░░ ░░ ░░░░░ ░░░░░ ░░░░ ░░░░░░ ░░░░ ░░░░░ ░░ ░░░░░ ░░░░ ░░░░ ░░░░░ ░░░ ░░░░░ ░░ ░░░░ ░░░░░ ░░░░ ░░░ ░░░░░ ░░░░ ░░░░ ░░░ ░░░░ ░░░░ ░░░░ ░░░░ ░░░░ ░░░░ ░░ ░░░░ ░░░░ ░░░░ ░░░ ░░░░ ░░░░ ░░░ ░░░░ ░░░░ ░░░░ ░░░ ░░░░ ░░░░
Η ΕΠΑΝΟΔΟΣ
ΤΩΝ ΒΟΥΛΓΑΡΩΝ ΦΥΓΑΔΩΝ
░░░░ ░░░░░░ ░░░░ ░░ ░░░░░ ░░░░░ ░░░░ ░░░░░░ ░░░░ ░░░░░ ░░ ░░░░░ ░░░░ ░░░░ ░░░░░ ░░░ ░░░░░ ░░ ░░░░ ░░░░░ ░░░░ ░░░ ░░░░░ ░░░░ ░░░░ ░░░ ░░░░ ░░░░ ░░░░ ░░░░ ░░░░ ░░░░ ░░ ░░░░ ░░░░ ░░░░ ░░░ ░░░░ ░░░░ ░░░ ░░░░ ░░░░ ░░░░ ░░░ ░░░░ ░░░░ ░░░░ ░░░ ░░░░ ░░░ ░░░░ ░░░ ░░░░ ░░░░ ░░░ ░░░░ ░░░░ ░░░ ░░░░ ░░░ ░░░░ ░░░░ ░░░ ░░░░
ΕΝ ΕΠΕΙΣΟΔΙΟΝ
ΕΙΣ ΤΗΝ ΣΟΒΡΑΝΙΕ
ΤΟ ΥΒΡΕΟΛΟΓΙΟΝ ΕΝΟΣ ΥΠΟΥΡΓΟΥ
░░░░ ░░░░░░ ░░░░ ░░ ░░░░░ ░░░░░ ░░░░ ░░░░░░ ░░░░ ░░░░░ ░░ ░░░░░ ░░░░ ░░░░ ░░░░░ ░░░ ░░░░░ ░░ ░░░░ ░░░░░ ░░░░ ░░░ ░░░░░ ░░░░ ░░░░ ░░░ ░░░░ ░░░░ ░░░░ ░░░░ ░░░░ ░░░░ ░░ ░░░░ ░░░░ ░░░░ ░░░ ░░░░ ░░░░ ░░░ ░░░░ ░░░░ ░░░░ ░░░ ░░░░ ░░░░ ░░░░ ░░░ ░░░░ ░░░ ░░░░ ░░░ ░░░░ ░░░░ ░░░ ░░░░ ░░░░ ░░░ ░░░░ ░░░ ░░░░ ░░░░ ░░░ ░░░░ ░░░ ░░░░ ░░░░ ░░░ ░░░░ ░░░░ ░░░
